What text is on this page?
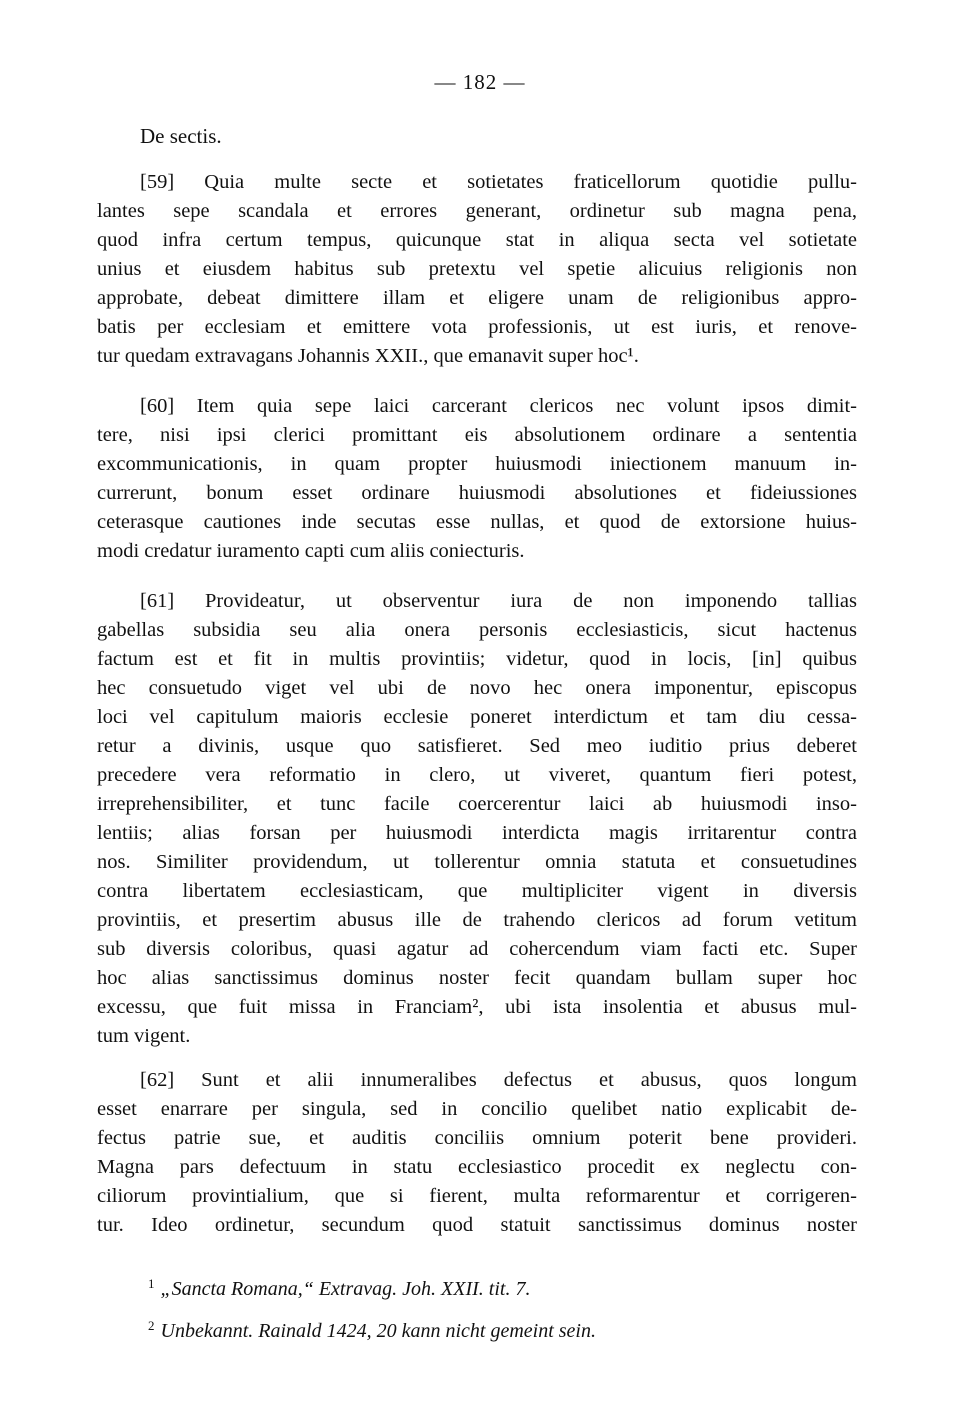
— 182 —
De sectis.
[59] Quia multe secte et sotietates fraticellorum quotidie pullu-
lantes sepe scandala et errores generant, ordinetur sub magna pena,
quod infra certum tempus, quicunque stat in aliqua secta vel sotietate
unius et eiusdem habitus sub pretextu vel spetie alicuius religionis non
approbate, debeat dimittere illam et eligere unam de religionibus appro-
batis per ecclesiam et emittere vota professionis, ut est iuris, et renove-
tur quedam extravagans Johannis XXII., que emanavit super hoc¹.
[60] Item quia sepe laici carcerant clericos nec volunt ipsos dimit-
tere, nisi ipsi clerici promittant eis absolutionem ordinare a sententia
excommunicationis, in quam propter huiusmodi iniectionem manuum in-
currerunt, bonum esset ordinare huiusmodi absolutiones et fideiussiones
ceterasque cautiones inde secutas esse nullas, et quod de extorsione huius-
modi credatur iuramento capti cum aliis coniecturis.
[61] Provideatur, ut observentur iura de non imponendo tallias
gabellas subsidia seu alia onera personis ecclesiasticis, sicut hactenus
factum est et fit in multis provintiis; videtur, quod in locis, [in] quibus
hec consuetudo viget vel ubi de novo hec onera imponentur, episcopus
loci vel capitulum maioris ecclesie poneret interdictum et tam diu cessa-
retur a divinis, usque quo satisfieret. Sed meo iuditio prius deberet
precedere vera reformatio in clero, ut viveret, quantum fieri potest,
irreprehensibiliter, et tunc facile coercerentur laici ab huiusmodi inso-
lentiis; alias forsan per huiusmodi interdicta magis irritarentur contra
nos. Similiter providendum, ut tollerentur omnia statuta et consuetudines
contra libertatem ecclesiasticam, que multipliciter vigent in diversis
provintiis, et presertim abusus ille de trahendo clericos ad forum vetitum
sub diversis coloribus, quasi agatur ad cohercendum viam facti etc. Super
hoc alias sanctissimus dominus noster fecit quandam bullam super hoc
excessu, que fuit missa in Franciam², ubi ista insolentia et abusus mul-
tum vigent.
[62] Sunt et alii innumeralibes defectus et abusus, quos longum
esset enarrare per singula, sed in concilio quelibet natio explicabit de-
fectus patrie sue, et auditis conciliis omnium poterit bene provideri.
Magna pars defectuum in statu ecclesiastico procedit ex neglectu con-
ciliorum provintialium, que si fierent, multa reformarentur et corrigeren-
tur. Ideo ordinetur, secundum quod statuit sanctissimus dominus noster
$^1$ „Sancta Romana,“ Extravag. Joh. XXII. tit. 7.
$^2$ Unbekannt. Rainald 1424, 20 kann nicht gemeint sein.
